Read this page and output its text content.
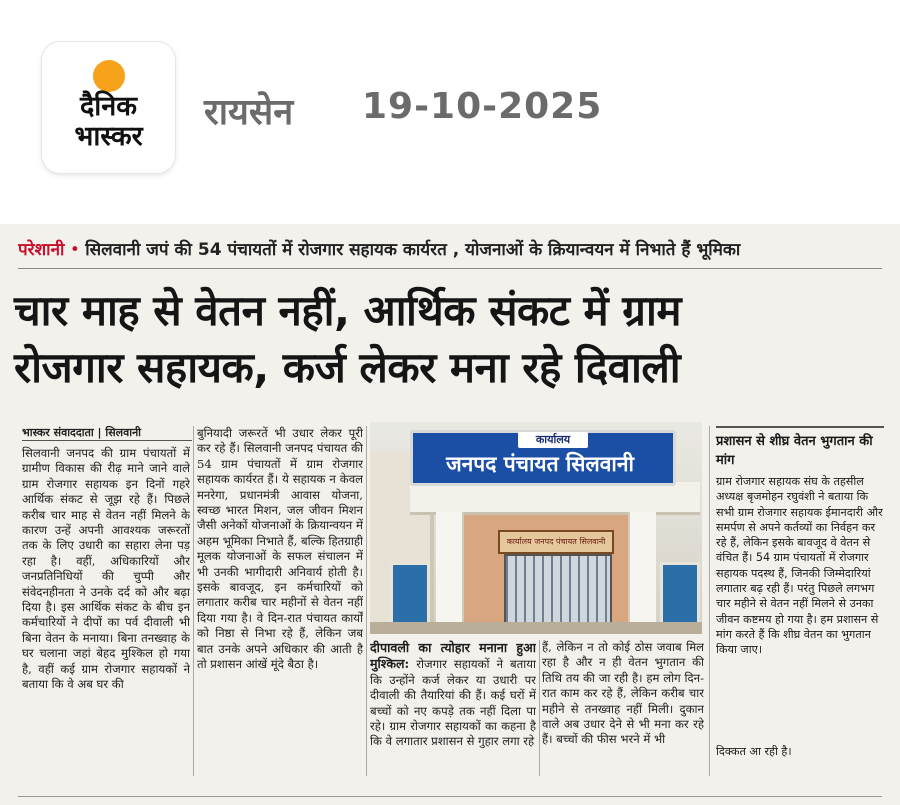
दैनिक
भास्कर
रायसेन 19-10-2025
परेशानी • सिलवानी जपं की 54 पंचायतों में रोजगार सहायक कार्यरत , योजनाओं के क्रियान्वयन में निभाते हैं भूमिका
चार माह से वेतन नहीं, आर्थिक संकट में ग्राम
रोजगार सहायक, कर्ज लेकर मना रहे दिवाली
भास्कर संवाददाता | सिलवानी
सिलवानी जनपद की ग्राम पंचायतों में ग्रामीण विकास की रीढ़ माने जाने वाले ग्राम रोजगार सहायक इन दिनों गहरे आर्थिक संकट से जूझ रहे हैं। पिछले करीब चार माह से वेतन नहीं मिलने के कारण उन्हें अपनी आवश्यक जरूरतों तक के लिए उधारी का सहारा लेना पड़ रहा है। वहीं, अधिकारियों और जनप्रतिनिधियों की चुप्पी और संवेदनहीनता ने उनके दर्द को और बढ़ा दिया है। इस आर्थिक संकट के बीच इन कर्मचारियों ने दीपों का पर्व दीवाली भी बिना वेतन के मनाया। बिना तनख्वाह के घर चलाना जहां बेहद मुश्किल हो गया है, वहीं कई ग्राम रोजगार सहायकों ने बताया कि वे अब घर की
बुनियादी जरूरतें भी उधार लेकर पूरी कर रहे हैं। सिलवानी जनपद पंचायत की 54 ग्राम पंचायतों में ग्राम रोजगार सहायक कार्यरत हैं। ये सहायक न केवल मनरेगा, प्रधानमंत्री आवास योजना, स्वच्छ भारत मिशन, जल जीवन मिशन जैसी अनेकों योजनाओं के क्रियान्वयन में अहम भूमिका निभाते हैं, बल्कि हितग्राही मूलक योजनाओं के सफल संचालन में भी उनकी भागीदारी अनिवार्य होती है। इसके बावजूद, इन कर्मचारियों को लगातार करीब चार महीनों से वेतन नहीं दिया गया है। वे दिन-रात पंचायत कार्यों को निष्ठा से निभा रहे हैं, लेकिन जब बात उनके अपने अधिकार की आती है तो प्रशासन आंखें मूंदे बैठा है।
कार्यालय
जनपद पंचायत सिलवानी
कार्यालय जनपद पंचायत सिलवानी
दीपावली का त्योहार मनाना हुआ मुश्किल: रोजगार सहायकों ने बताया कि उन्होंने कर्ज लेकर या उधारी पर दीवाली की तैयारियां की हैं। कई घरों में बच्चों को नए कपड़े तक नहीं दिला पा रहे। ग्राम रोजगार सहायकों का कहना है कि वे लगातार प्रशासन से गुहार लगा रहे
हैं, लेकिन न तो कोई ठोस जवाब मिल रहा है और न ही वेतन भुगतान की तिथि तय की जा रही है। हम लोग दिन-रात काम कर रहे हैं, लेकिन करीब चार महीने से तनख्वाह नहीं मिली। दुकान वाले अब उधार देने से भी मना कर रहे हैं। बच्चों की फीस भरने में भी
प्रशासन से शीघ्र वेतन भुगतान की मांग
ग्राम रोजगार सहायक संघ के तहसील अध्यक्ष बृजमोहन रघुवंशी ने बताया कि सभी ग्राम रोजगार सहायक ईमानदारी और समर्पण से अपने कर्तव्यों का निर्वहन कर रहे हैं, लेकिन इसके बावजूद वे वेतन से वंचित हैं। 54 ग्राम पंचायतों में रोजगार सहायक पदस्थ हैं, जिनकी जिम्मेदारियां लगातार बढ़ रही हैं। परंतु पिछले लगभग चार महीने से वेतन नहीं मिलने से उनका जीवन कष्टमय हो गया है। हम प्रशासन से मांग करते हैं कि शीघ्र वेतन का भुगतान किया जाए।
दिक्कत आ रही है।
